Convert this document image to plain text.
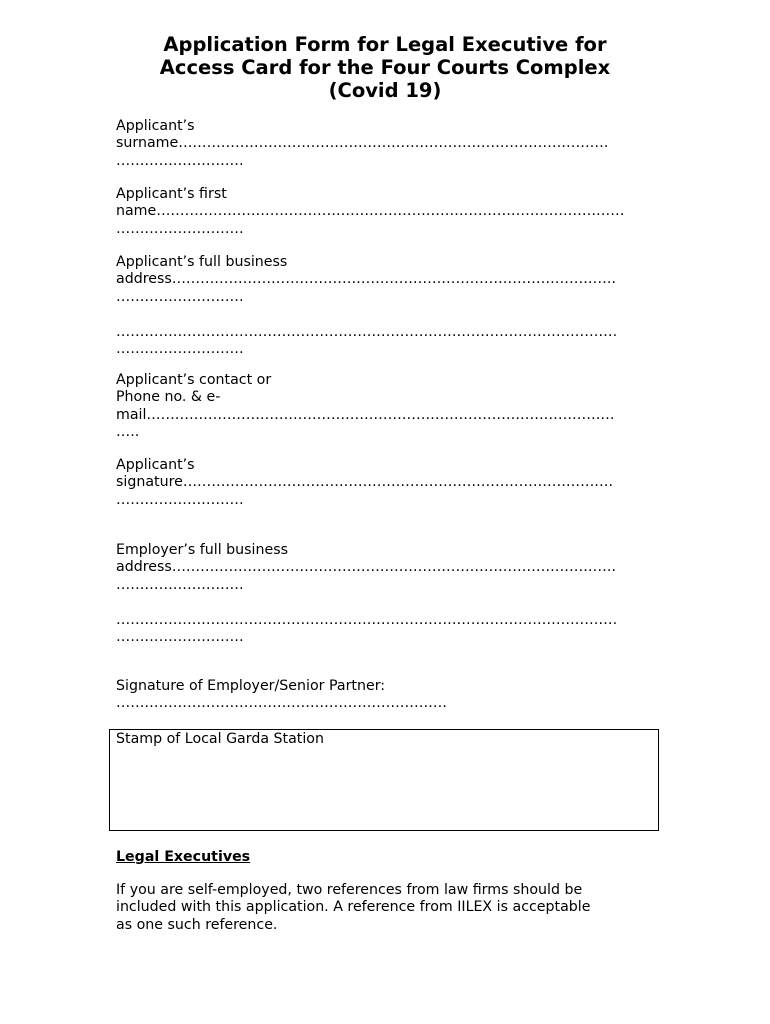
Application Form for Legal Executive for
Access Card for the Four Courts Complex
(Covid 19)
Applicant’s
surname……………………………………………………………………………….
………………………
Applicant’s first
name………………………………………………………………………………………
………………………
Applicant’s full business
address………………………………………………………………………………….
………………………
…………………………………………………………………………………………….
………………………
Applicant’s contact or
Phone no. & e-
mail………………………………………………………………………………………
…..
Applicant’s
signature……………………………………………………………………………….
………………………
Employer’s full business
address………………………………………………………………………………….
………………………
…………………………………………………………………………………………….
………………………
Signature of Employer/Senior Partner:
…………………………………………………………….
Stamp of Local Garda Station
Legal Executives
If you are self-employed, two references from law firms should be
included with this application. A reference from IILEX is acceptable
as one such reference.
